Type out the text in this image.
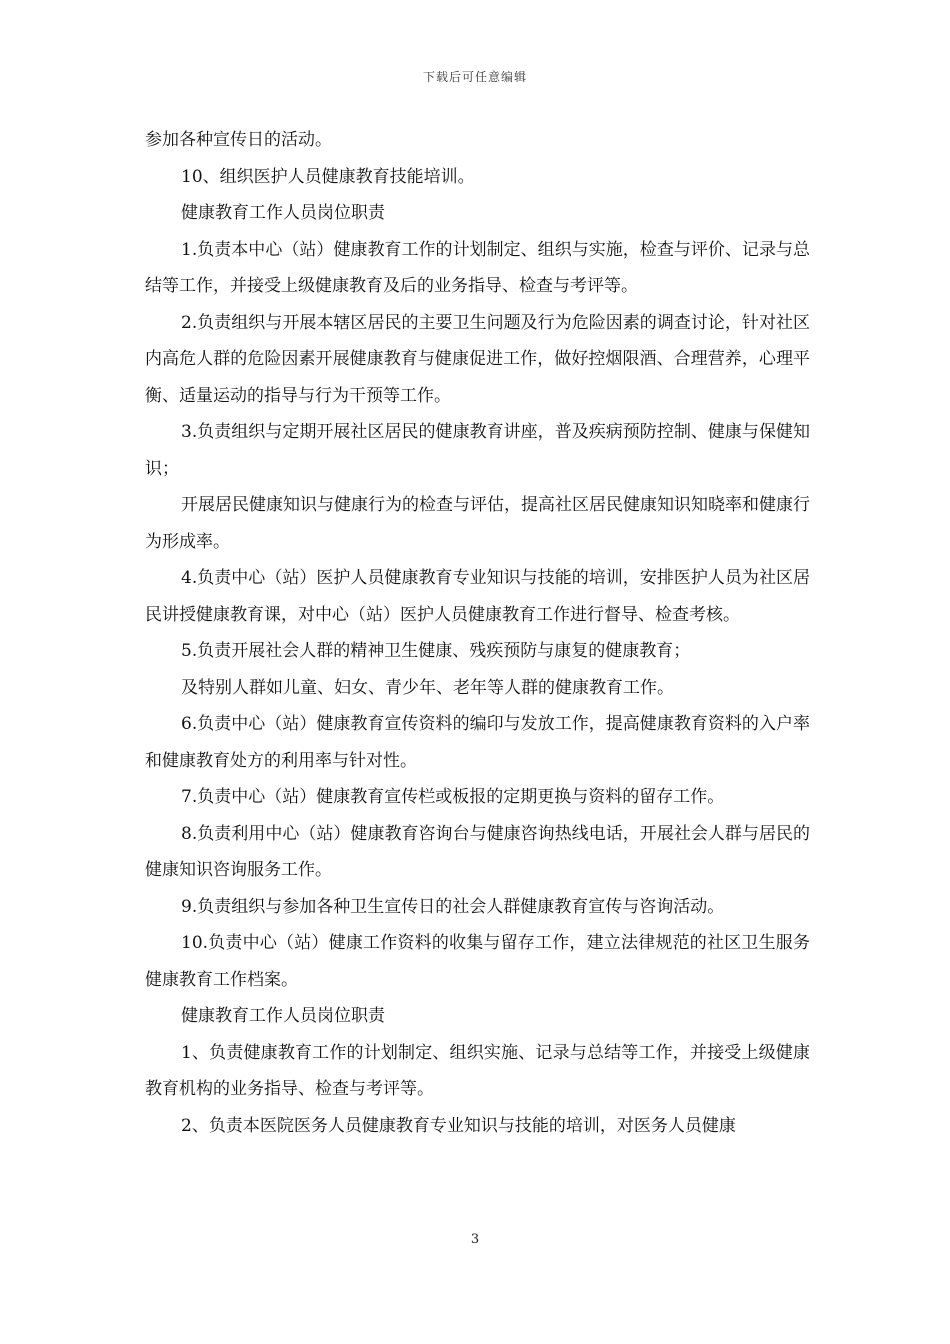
下载后可任意编辑

参加各种宣传日的活动。

10、组织医护人员健康教育技能培训。

健康教育工作人员岗位职责

1.负责本中心（站）健康教育工作的计划制定、组织与实施，检查与评价、记录与总结等工作，并接受上级健康教育及后的业务指导、检查与考评等。

2.负责组织与开展本辖区居民的主要卫生问题及行为危险因素的调查讨论，针对社区内高危人群的危险因素开展健康教育与健康促进工作，做好控烟限酒、合理营养，心理平衡、适量运动的指导与行为干预等工作。

3.负责组织与定期开展社区居民的健康教育讲座，普及疾病预防控制、健康与保健知识；

开展居民健康知识与健康行为的检查与评估，提高社区居民健康知识知晓率和健康行为形成率。

4.负责中心（站）医护人员健康教育专业知识与技能的培训，安排医护人员为社区居民讲授健康教育课，对中心（站）医护人员健康教育工作进行督导、检查考核。

5.负责开展社会人群的精神卫生健康、残疾预防与康复的健康教育；

及特别人群如儿童、妇女、青少年、老年等人群的健康教育工作。

6.负责中心（站）健康教育宣传资料的编印与发放工作，提高健康教育资料的入户率和健康教育处方的利用率与针对性。

7.负责中心（站）健康教育宣传栏或板报的定期更换与资料的留存工作。

8.负责利用中心（站）健康教育咨询台与健康咨询热线电话，开展社会人群与居民的健康知识咨询服务工作。

9.负责组织与参加各种卫生宣传日的社会人群健康教育宣传与咨询活动。

10.负责中心（站）健康工作资料的收集与留存工作，建立法律规范的社区卫生服务健康教育工作档案。

健康教育工作人员岗位职责

1、负责健康教育工作的计划制定、组织实施、记录与总结等工作，并接受上级健康教育机构的业务指导、检查与考评等。

2、负责本医院医务人员健康教育专业知识与技能的培训，对医务人员健康

3
